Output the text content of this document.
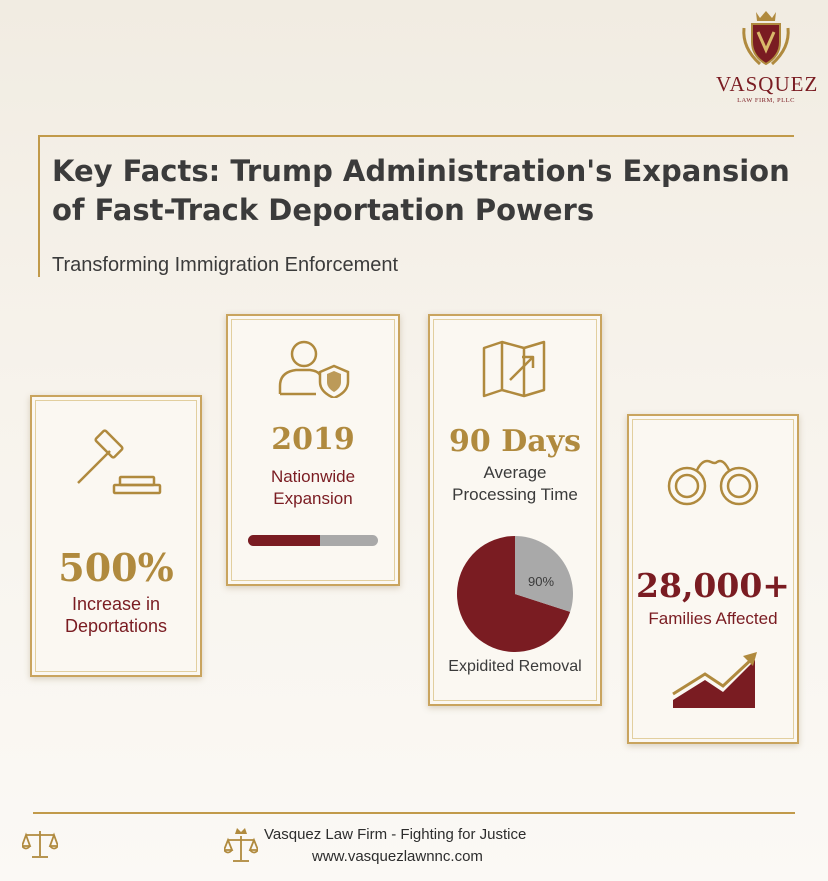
VASQUEZ
LAW FIRM, PLLC
Key Facts: Trump Administration's Expansion of Fast-Track Deportation Powers
Transforming Immigration Enforcement
500%
Increase in
Deportations
2019
Nationwide
Expansion
90 Days
Average
Processing Time
90%
Expidited Removal
28,000+
Families Affected
Vasquez Law Firm - Fighting for Justice
www.vasquezlawnnc.com
